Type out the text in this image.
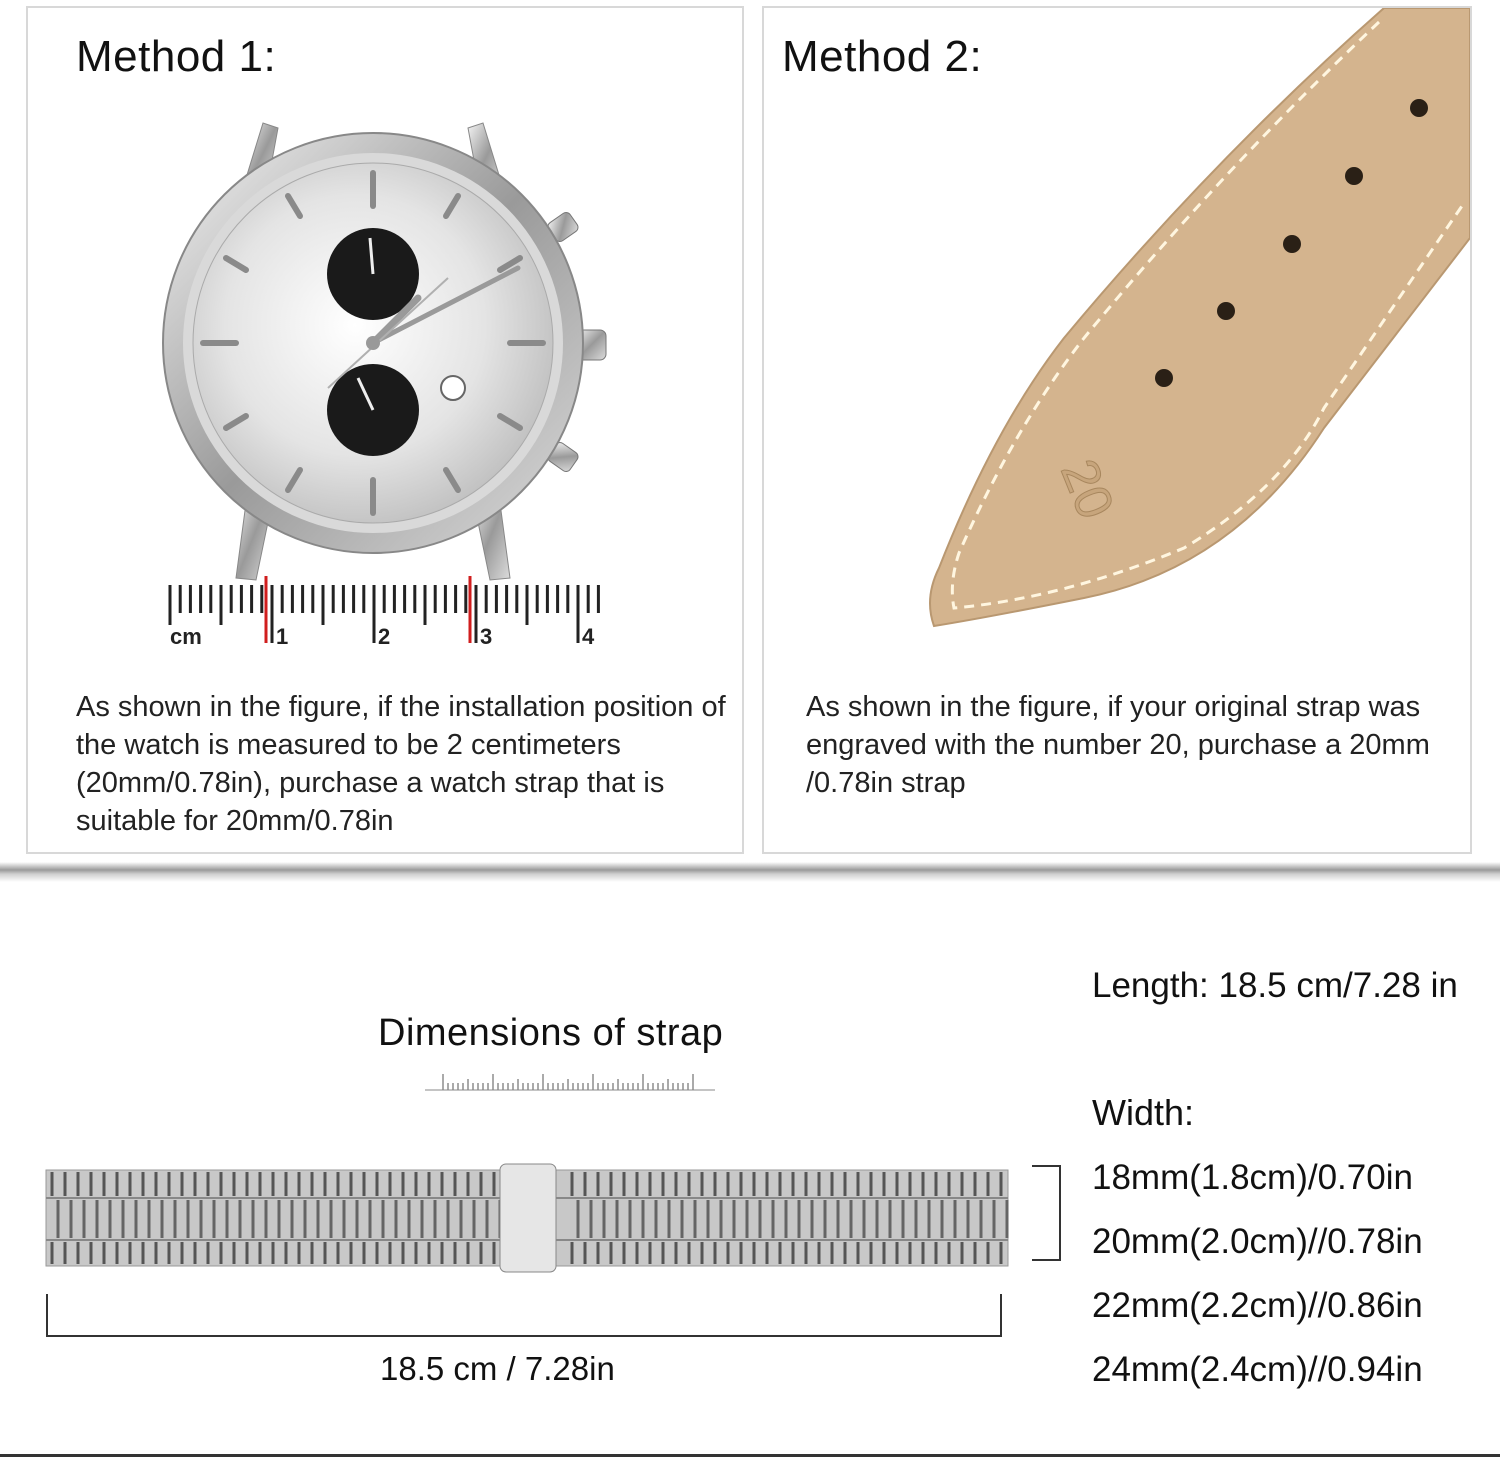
Method 1:
cm	1	2	3	4
As shown in the figure, if the installation position of the watch is measured to be 2 centimeters (20mm/0.78in), purchase a watch strap that is suitable for 20mm/0.78in
Method 2:
20
As shown in the figure, if your original strap was engraved with the number 20, purchase a 20mm /0.78in strap
Dimensions of strap
Length: 18.5 cm/7.28 in
Width:
18mm(1.8cm)/0.70in
20mm(2.0cm)//0.78in
22mm(2.2cm)//0.86in
24mm(2.4cm)//0.94in
18.5 cm / 7.28in
